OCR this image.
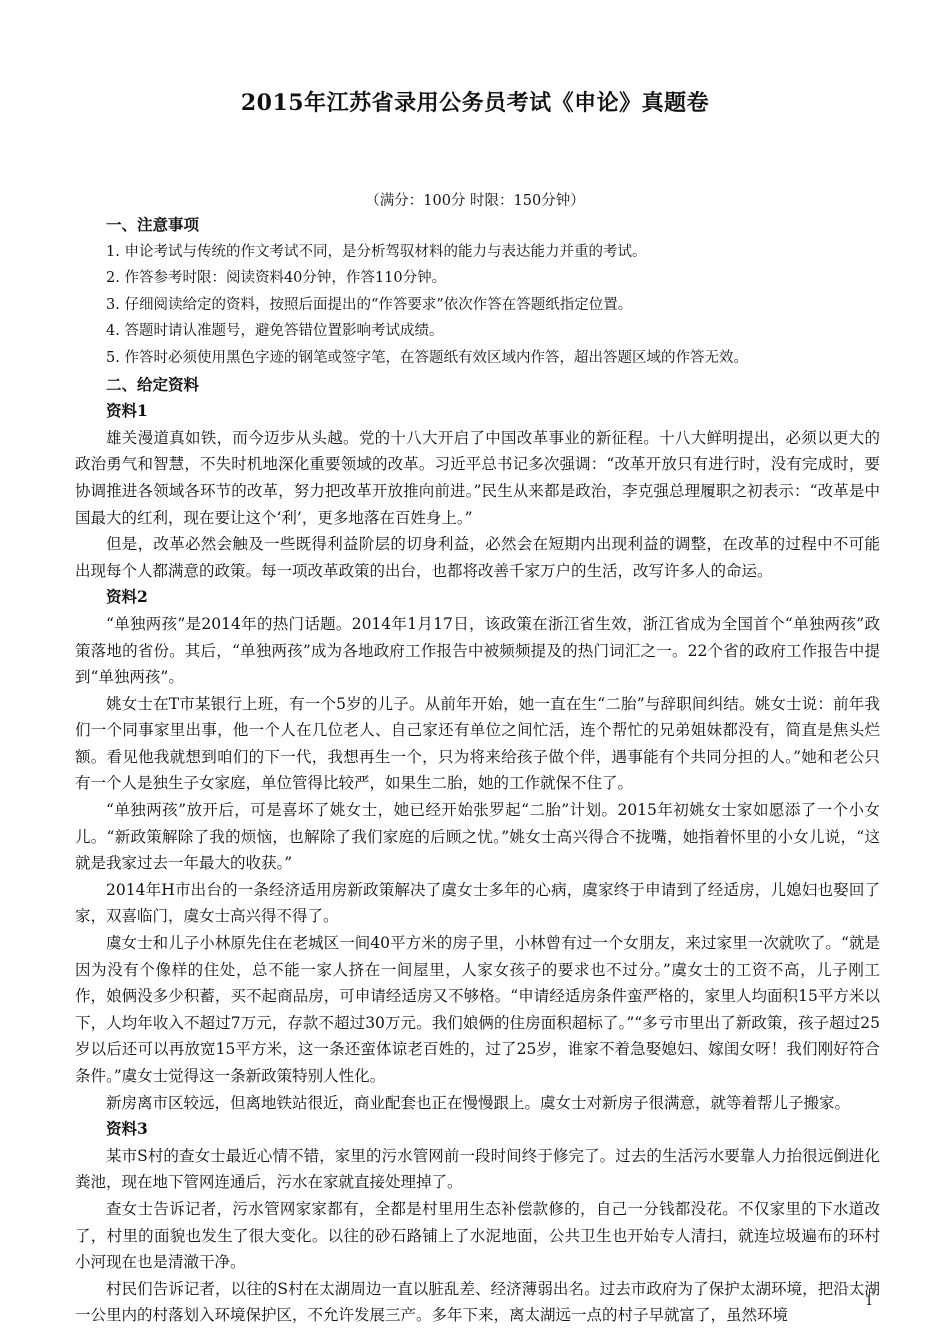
2015年江苏省录用公务员考试《申论》真题卷
（满分：100分 时限：150分钟）

一、注意事项

1. 申论考试与传统的作文考试不同，是分析驾驭材料的能力与表达能力并重的考试。

2. 作答参考时限：阅读资料40分钟，作答110分钟。

3. 仔细阅读给定的资料，按照后面提出的“作答要求”依次作答在答题纸指定位置。

4. 答题时请认准题号，避免答错位置影响考试成绩。

5. 作答时必须使用黑色字迹的钢笔或签字笔，在答题纸有效区域内作答，超出答题区域的作答无效。

二、给定资料

资料1

雄关漫道真如铁，而今迈步从头越。党的十八大开启了中国改革事业的新征程。十八大鲜明提出，必须以更大的政治勇气和智慧，不失时机地深化重要领域的改革。习近平总书记多次强调：“改革开放只有进行时，没有完成时，要协调推进各领域各环节的改革，努力把改革开放推向前进。”民生从来都是政治，李克强总理履职之初表示：“改革是中国最大的红利，现在要让这个‘利’，更多地落在百姓身上。”

但是，改革必然会触及一些既得利益阶层的切身利益，必然会在短期内出现利益的调整，在改革的过程中不可能出现每个人都满意的政策。每一项改革政策的出台，也都将改善千家万户的生活，改写许多人的命运。

资料2

“单独两孩”是2014年的热门话题。2014年1月17日，该政策在浙江省生效，浙江省成为全国首个“单独两孩”政策落地的省份。其后，“单独两孩”成为各地政府工作报告中被频频提及的热门词汇之一。22个省的政府工作报告中提到“单独两孩”。

姚女士在T市某银行上班，有一个5岁的儿子。从前年开始，她一直在生“二胎”与辞职间纠结。姚女士说：前年我们一个同事家里出事，他一个人在几位老人、自己家还有单位之间忙活，连个帮忙的兄弟姐妹都没有，简直是焦头烂额。看见他我就想到咱们的下一代，我想再生一个，只为将来给孩子做个伴，遇事能有个共同分担的人。”她和老公只有一个人是独生子女家庭，单位管得比较严，如果生二胎，她的工作就保不住了。

“单独两孩”放开后，可是喜坏了姚女士，她已经开始张罗起“二胎”计划。2015年初姚女士家如愿添了一个小女儿。“新政策解除了我的烦恼，也解除了我们家庭的后顾之忧。”姚女士高兴得合不拢嘴，她指着怀里的小女儿说，“这就是我家过去一年最大的收获。”

2014年H市出台的一条经济适用房新政策解决了虞女士多年的心病，虞家终于申请到了经适房，儿媳妇也娶回了家，双喜临门，虞女士高兴得不得了。

虞女士和儿子小林原先住在老城区一间40平方米的房子里，小林曾有过一个女朋友，来过家里一次就吹了。“就是因为没有个像样的住处，总不能一家人挤在一间屋里，人家女孩子的要求也不过分。”虞女士的工资不高，儿子刚工作，娘俩没多少积蓄，买不起商品房，可申请经适房又不够格。“申请经适房条件蛮严格的，家里人均面积15平方米以下，人均年收入不超过7万元，存款不超过30万元。我们娘俩的住房面积超标了。”“多亏市里出了新政策，孩子超过25岁以后还可以再放宽15平方米，这一条还蛮体谅老百姓的，过了25岁，谁家不着急娶媳妇、嫁闺女呀！我们刚好符合条件。”虞女士觉得这一条新政策特别人性化。

新房离市区较远，但离地铁站很近，商业配套也正在慢慢跟上。虞女士对新房子很满意，就等着帮儿子搬家。

资料3

某市S村的查女士最近心情不错，家里的污水管网前一段时间终于修完了。过去的生活污水要靠人力抬很远倒进化粪池，现在地下管网连通后，污水在家就直接处理掉了。

查女士告诉记者，污水管网家家都有，全都是村里用生态补偿款修的，自己一分钱都没花。不仅家里的下水道改了，村里的面貌也发生了很大变化。以往的砂石路铺上了水泥地面，公共卫生也开始专人清扫，就连垃圾遍布的环村小河现在也是清澈干净。

村民们告诉记者，以往的S村在太湖周边一直以脏乱差、经济薄弱出名。过去市政府为了保护太湖环境，把沿太湖一公里内的村落划入环境保护区，不允许发展三产。多年下来，离太湖远一点的村子早就富了，虽然环境

1
